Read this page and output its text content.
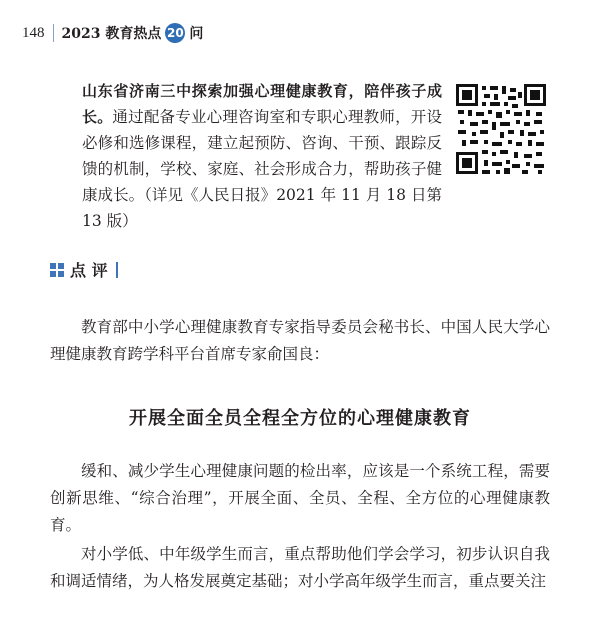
148 2023 教育热点 20 问
山东省济南三中探索加强心理健康教育，陪伴孩子成长。通过配备专业心理咨询室和专职心理教师，开设必修和选修课程，建立起预防、咨询、干预、跟踪反馈的机制，学校、家庭、社会形成合力，帮助孩子健康成长。（详见《人民日报》2021 年 11 月 18 日第 13 版）
点 评

教育部中小学心理健康教育专家指导委员会秘书长、中国人民大学心理健康教育跨学科平台首席专家俞国良：

开展全面全员全程全方位的心理健康教育

缓和、减少学生心理健康问题的检出率，应该是一个系统工程，需要创新思维、“综合治理”，开展全面、全员、全程、全方位的心理健康教育。

对小学低、中年级学生而言，重点帮助他们学会学习，初步认识自我和调适情绪，为人格发展奠定基础；对小学高年级学生而言，重点要关注
